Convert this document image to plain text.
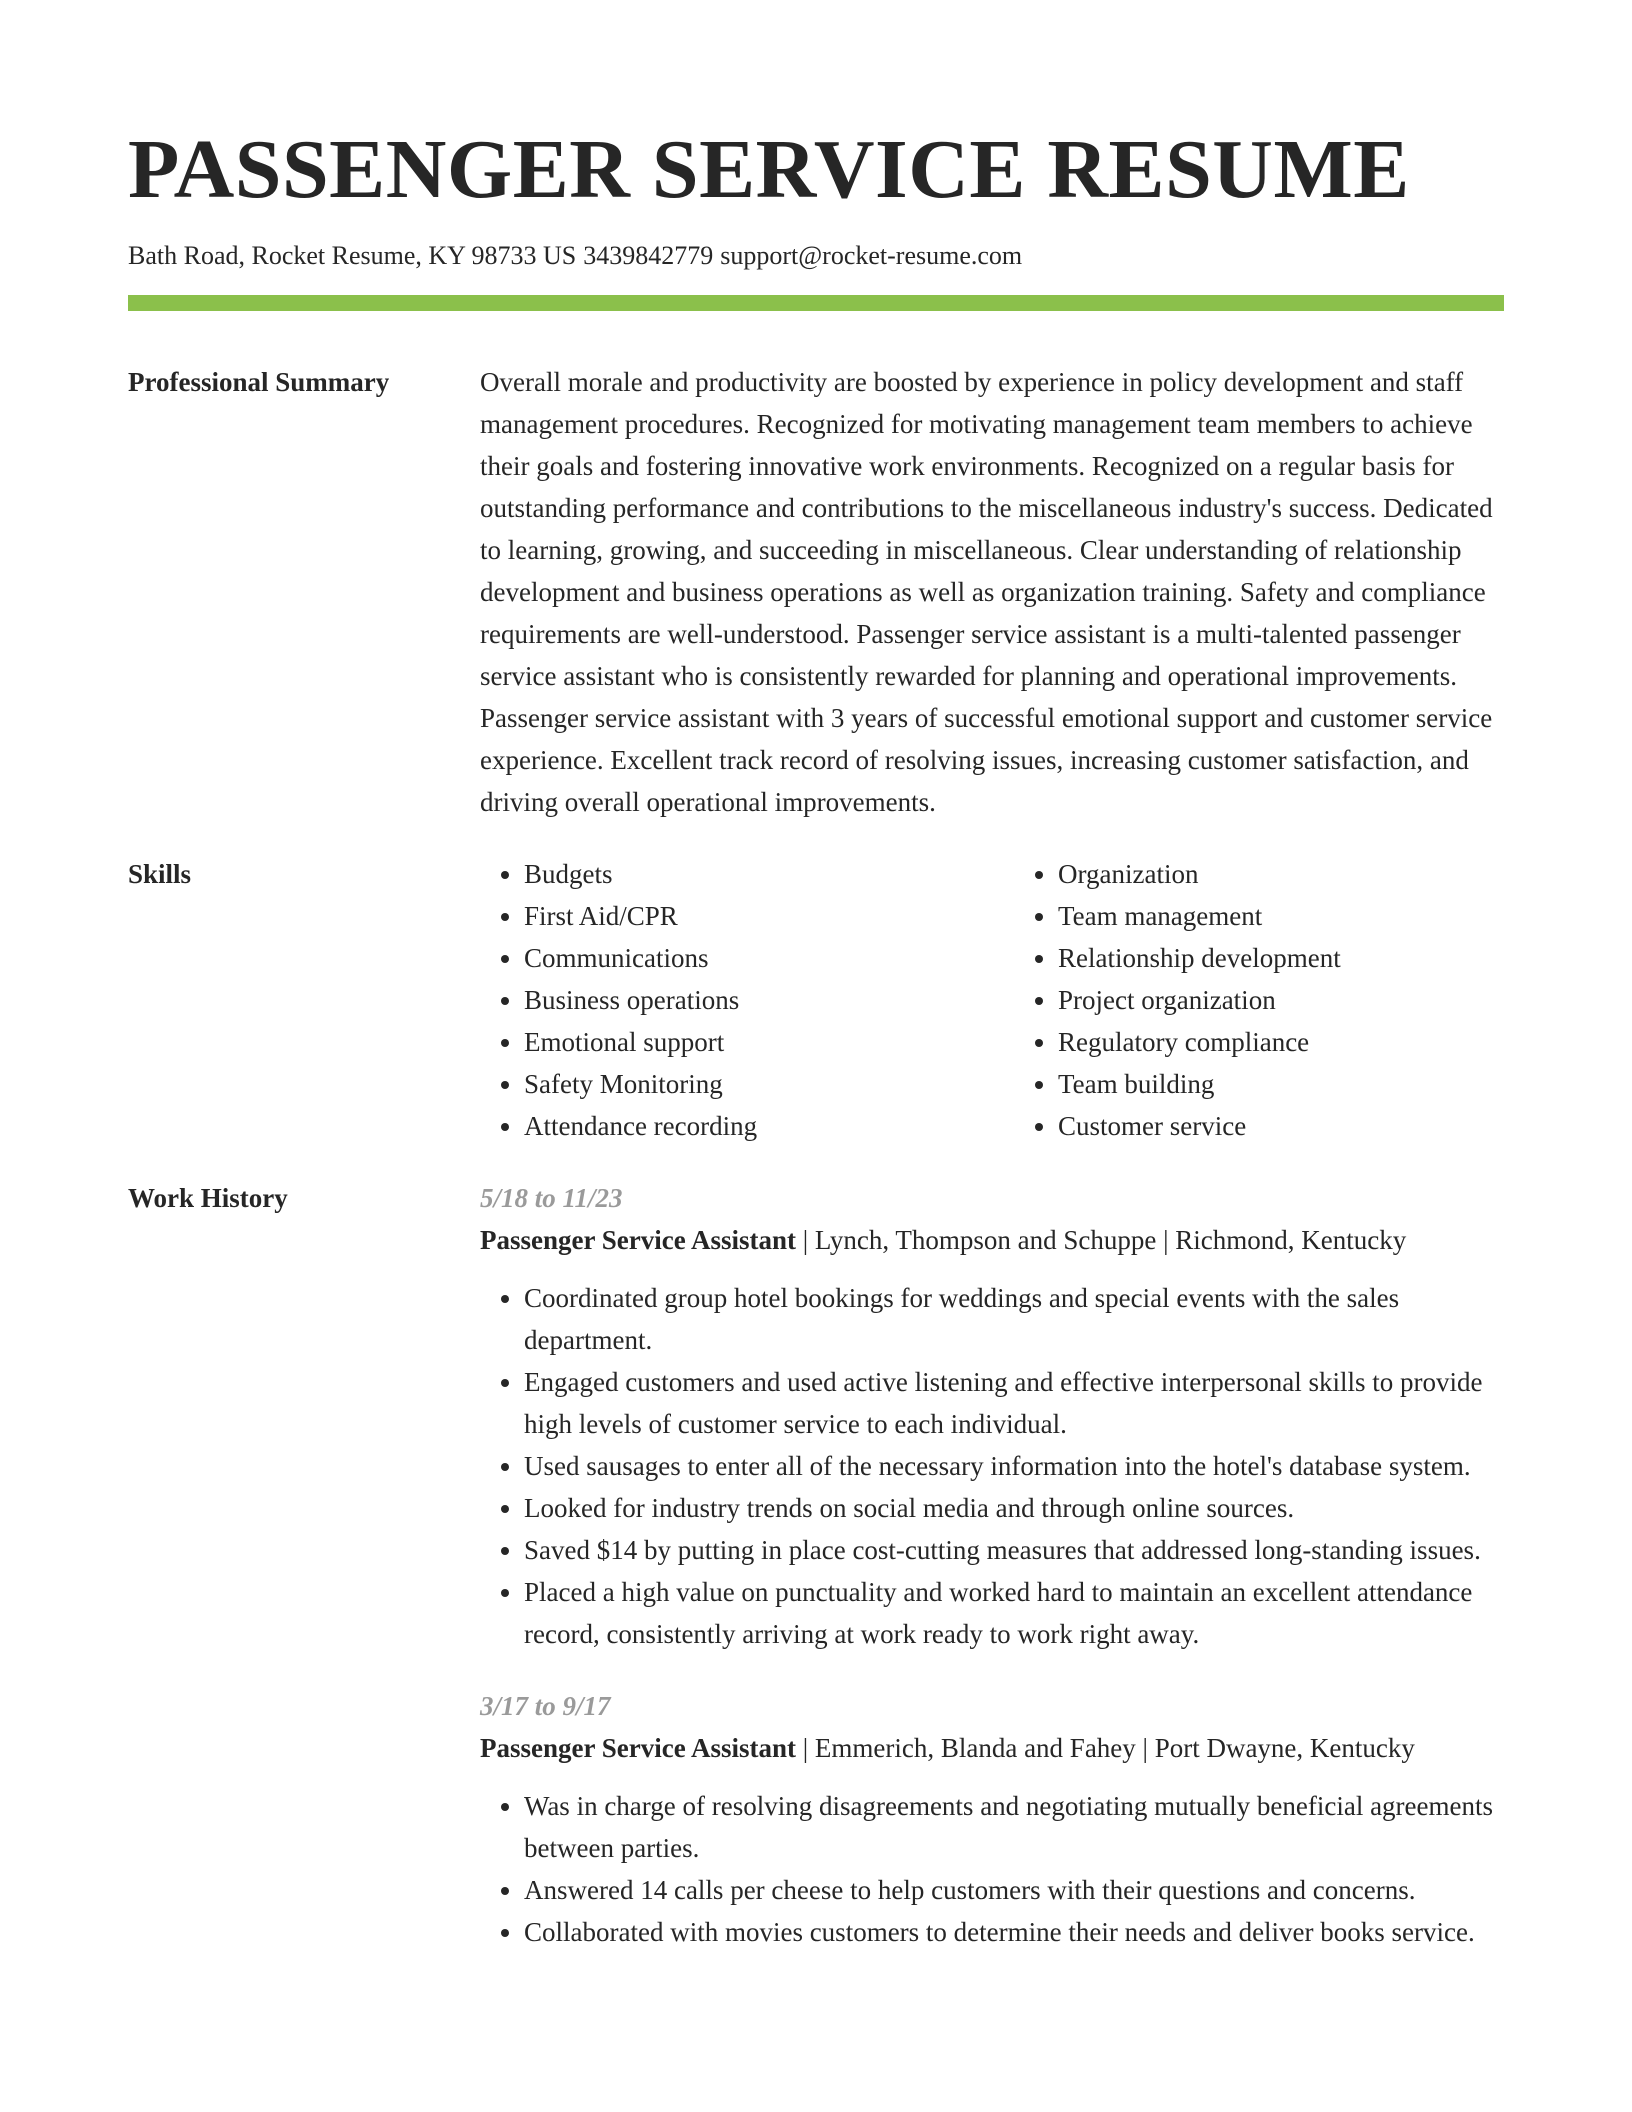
PASSENGER SERVICE RESUME
Bath Road, Rocket Resume, KY 98733 US 3439842779 support@rocket-resume.com
Professional Summary	Overall morale and productivity are boosted by experience in policy development and staff management procedures. Recognized for motivating management team members to achieve their goals and fostering innovative work environments. Recognized on a regular basis for outstanding performance and contributions to the miscellaneous industry's success. Dedicated to learning, growing, and succeeding in miscellaneous. Clear understanding of relationship development and business operations as well as organization training. Safety and compliance requirements are well-understood. Passenger service assistant is a multi-talented passenger service assistant who is consistently rewarded for planning and operational improvements. Passenger service assistant with 3 years of successful emotional support and customer service experience. Excellent track record of resolving issues, increasing customer satisfaction, and driving overall operational improvements.

Skills
•	Budgets
• First Aid/CPR
• Communications
• Business operations
• Emotional support
• Safety Monitoring
• Attendance recording
• Organization
• Team management
• Relationship development
• Project organization
• Regulatory compliance
• Team building
• Customer service
Work History	5/18 to 11/23
Passenger Service Assistant | Lynch, Thompson and Schuppe | Richmond, Kentucky
• Coordinated group hotel bookings for weddings and special events with the sales department.
• Engaged customers and used active listening and effective interpersonal skills to provide high levels of customer service to each individual.
• Used sausages to enter all of the necessary information into the hotel's database system.
• Looked for industry trends on social media and through online sources.
• Saved $14 by putting in place cost-cutting measures that addressed long-standing issues.
• Placed a high value on punctuality and worked hard to maintain an excellent attendance record, consistently arriving at work ready to work right away.
3/17 to 9/17
Passenger Service Assistant | Emmerich, Blanda and Fahey | Port Dwayne, Kentucky
• Was in charge of resolving disagreements and negotiating mutually beneficial agreements between parties.
• Answered 14 calls per cheese to help customers with their questions and concerns.
• Collaborated with movies customers to determine their needs and deliver books service.
